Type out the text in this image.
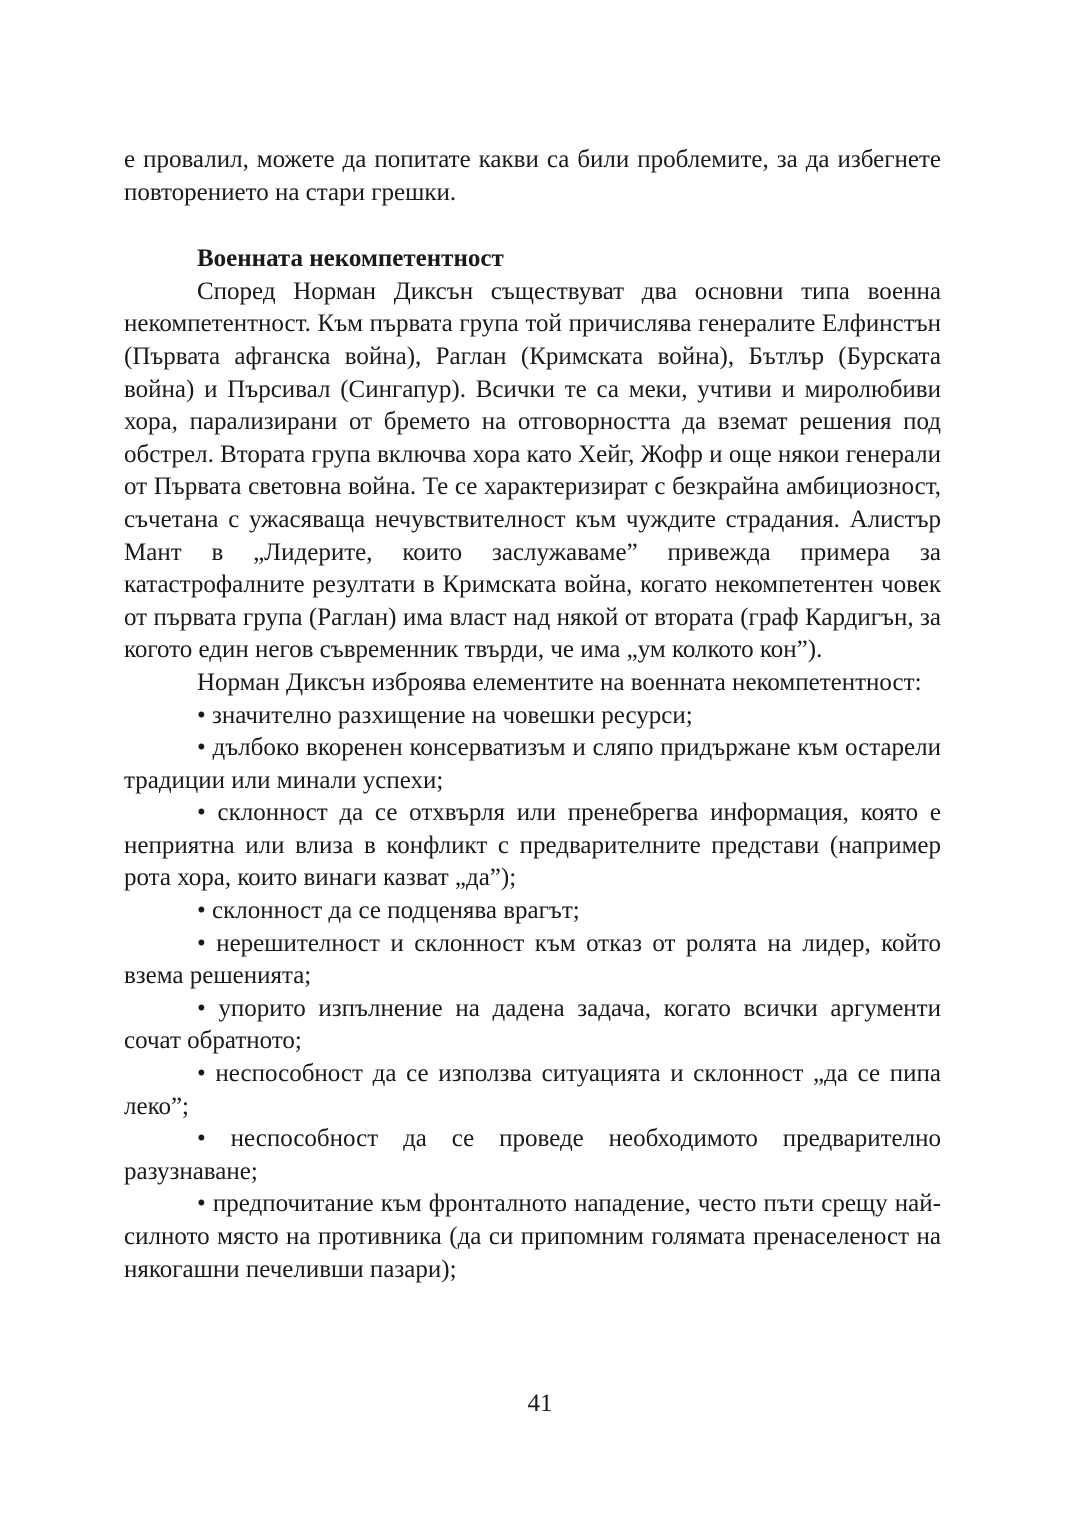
е провалил, можете да попитате какви са били проблемите, за да избегнете повторението на стари грешки.

Военната некомпетентност

Според Норман Диксън съществуват два основни типа военна некомпетентност. Към първата група той причислява генералите Елфинстън (Първата афганска война), Раглан (Кримската война), Бътлър (Бурската война) и Пърсивал (Сингапур). Всички те са меки, учтиви и миролюбиви хора, парализирани от бремето на отговорността да вземат решения под обстрел. Втората група включва хора като Хейг, Жофр и още някои генерали от Първата световна война. Те се характеризират с безкрайна амбициозност, съчетана с ужасяваща нечувствителност към чуждите страдания. Алистър Мант в „Лидерите, които заслужаваме” привежда примера за катастрофалните резултати в Кримската война, когато некомпетентен човек от първата група (Раглан) има власт над някой от втората (граф Кардигън, за когото един негов съвременник твърди, че има „ум колкото кон”).

Норман Диксън изброява елементите на военната некомпетентност:

• значително разхищение на човешки ресурси;

• дълбоко вкоренен консерватизъм и сляпо придържане към остарели традиции или минали успехи;

• склонност да се отхвърля или пренебрегва информация, която е неприятна или влиза в конфликт с предварителните представи (например рота хора, които винаги казват „да”);

• склонност да се подценява врагът;

• нерешителност и склонност към отказ от ролята на лидер, който взема решенията;

• упорито изпълнение на дадена задача, когато всички аргументи сочат обратното;

• неспособност да се използва ситуацията и склонност „да се пипа леко”;

• неспособност да се проведе необходимото предварително разузнаване;

• предпочитание към фронталното нападение, често пъти срещу най-силното място на противника (да си припомним голямата пренаселеност на някогашни печеливши пазари);

41
